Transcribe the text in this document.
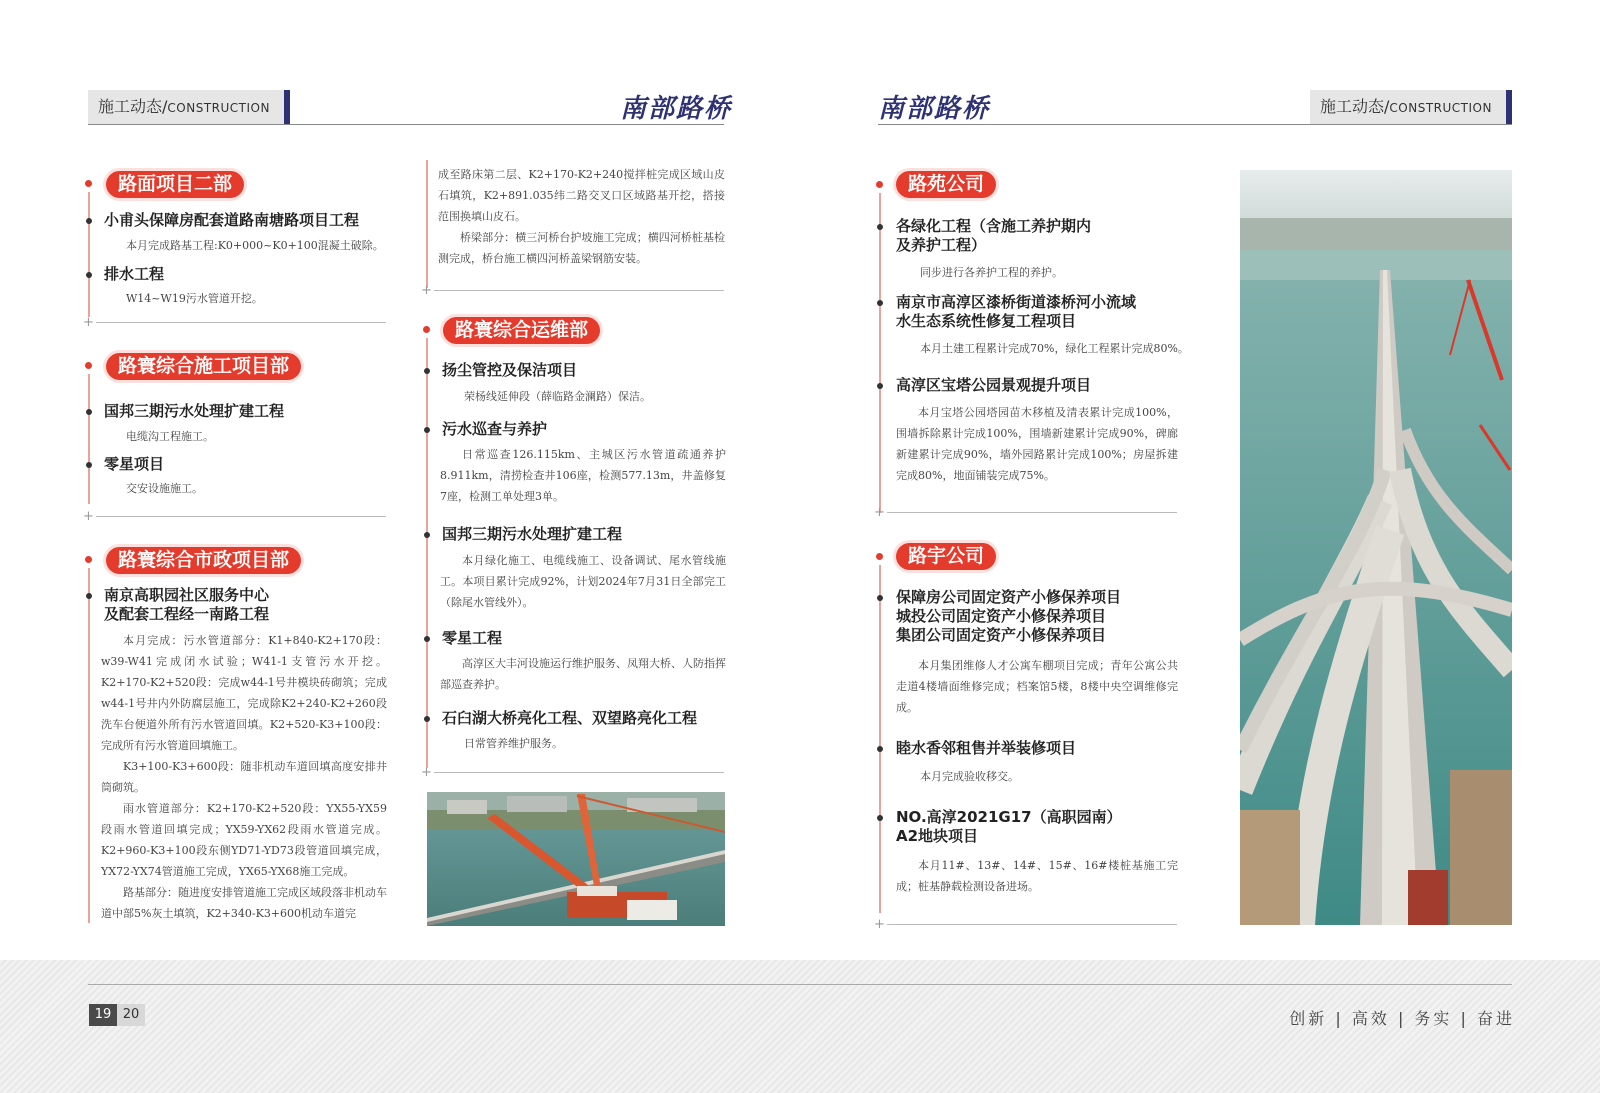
施工动态/CONSTRUCTION	南部路桥	南部路桥	施工动态/CONSTRUCTION
路面项目二部
小甫头保障房配套道路南塘路项目工程

本月完成路基工程:K0+000~K0+100混凝土破除。

排水工程

W14~W19污水管道开挖。

+
路寰综合施工项目部
国邦三期污水处理扩建工程

电缆沟工程施工。

零星项目

交安设施施工。

+
路寰综合市政项目部
南京高职园社区服务中心
及配套工程经一南路工程

本月完成：污水管道部分：K1+840-K2+170段：w39-W41完成闭水试验；W41-1支管污水开挖。K2+170-K2+520段：完成w44-1号井模块砖砌筑；完成w44-1号井内外防腐层施工，完成除K2+240-K2+260段洗车台便道外所有污水管道回填。K2+520-K3+100段：完成所有污水管道回填施工。

K3+100-K3+600段：随非机动车道回填高度安排井筒砌筑。

雨水管道部分：K2+170-K2+520段：YX55-YX59段雨水管道回填完成；YX59-YX62段雨水管道完成。K2+960-K3+100段东侧YD71-YD73段管道回填完成，YX72-YX74管道施工完成，YX65-YX68施工完成。

路基部分：随进度安排管道施工完成区域段落非机动车道中部5%灰土填筑，K2+340-K3+600机动车道完

成至路床第二层、K2+170-K2+240搅拌桩完成区域山皮石填筑，K2+891.035纬二路交叉口区域路基开挖，搭接范围换填山皮石。

桥梁部分：横三河桥台护坡施工完成；横四河桥桩基检测完成，桥台施工横四河桥盖梁钢筋安装。

+
路寰综合运维部
扬尘管控及保洁项目

荣杨线延伸段（薛临路金澜路）保洁。

污水巡查与养护

日常巡查126.115km、主城区污水管道疏通养护8.911km，清捞检查井106座，检测577.13m，井盖修复7座，检测工单处理3单。

国邦三期污水处理扩建工程

本月绿化施工、电缆线施工、设备调试、尾水管线施工。本项目累计完成92%，计划2024年7月31日全部完工（除尾水管线外）。

零星工程

高淳区大丰河设施运行维护服务、凤翔大桥、人防指挥部巡查养护。

石臼湖大桥亮化工程、双望路亮化工程

日常管养维护服务。

+
路苑公司
各绿化工程（含施工养护期内
及养护工程）

同步进行各养护工程的养护。

南京市高淳区漆桥街道漆桥河小流域
水生态系统性修复工程项目

本月土建工程累计完成70%，绿化工程累计完成80%。

高淳区宝塔公园景观提升项目

本月宝塔公园塔园苗木移植及清表累计完成100%，围墙拆除累计完成100%，围墙新建累计完成90%，碑廊新建累计完成90%，墙外园路累计完成100%；房屋拆建完成80%，地面铺装完成75%。

+
路宇公司
保障房公司固定资产小修保养项目
城投公司固定资产小修保养项目
集团公司固定资产小修保养项目

本月集团维修人才公寓车棚项目完成；青年公寓公共走道4楼墙面维修完成；档案馆5楼，8楼中央空调维修完成。

睦水香邻租售并举装修项目

本月完成验收移交。

NO.高淳2021G17（高职园南）
A2地块项目

本月11#、13#、14#、15#、16#楼桩基施工完成；桩基静载检测设备进场。

+
19 20	创新 | 高效 | 务实 | 奋进
